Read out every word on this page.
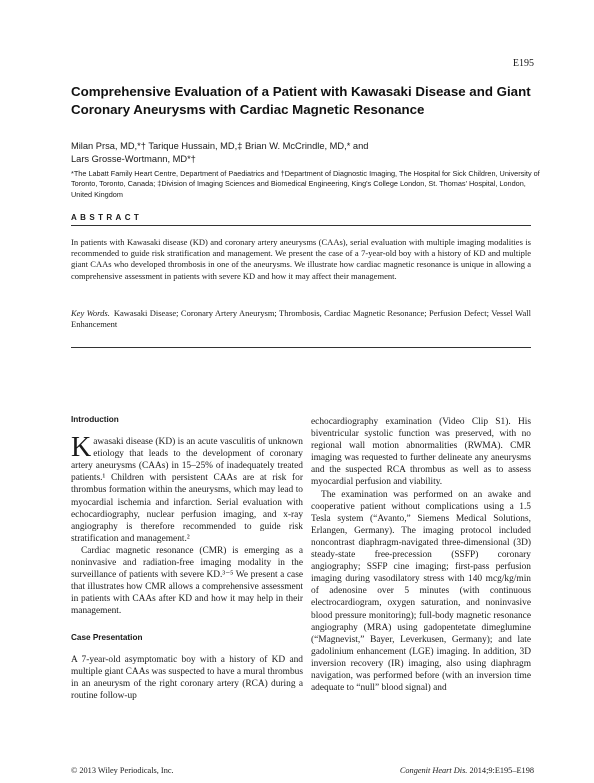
E195
Comprehensive Evaluation of a Patient with Kawasaki Disease and Giant Coronary Aneurysms with Cardiac Magnetic Resonance
Milan Prsa, MD,*† Tarique Hussain, MD,‡ Brian W. McCrindle, MD,* and
Lars Grosse-Wortmann, MD*†
*The Labatt Family Heart Centre, Department of Paediatrics and †Department of Diagnostic Imaging, The Hospital for Sick Children, University of Toronto, Toronto, Canada; ‡Division of Imaging Sciences and Biomedical Engineering, King's College London, St. Thomas' Hospital, London, United Kingdom
ABSTRACT

In patients with Kawasaki disease (KD) and coronary artery aneurysms (CAAs), serial evaluation with multiple imaging modalities is recommended to guide risk stratification and management. We present the case of a 7-year-old boy with a history of KD and multiple giant CAAs who developed thrombosis in one of the aneurysms. We illustrate how cardiac magnetic resonance is unique in allowing a comprehensive assessment in patients with severe KD and how it may affect their management.

Key Words. Kawasaki Disease; Coronary Artery Aneurysm; Thrombosis, Cardiac Magnetic Resonance; Perfusion Defect; Vessel Wall Enhancement

Introduction

Kawasaki disease (KD) is an acute vasculitis of unknown etiology that leads to the development of coronary artery aneurysms (CAAs) in 15–25% of inadequately treated patients.¹ Children with persistent CAAs are at risk for thrombus formation within the aneurysms, which may lead to myocardial ischemia and infarction. Serial evaluation with echocardiography, nuclear perfusion imaging, and x-ray angiography is therefore recommended to guide risk stratification and management.²

Cardiac magnetic resonance (CMR) is emerging as a noninvasive and radiation-free imaging modality in the surveillance of patients with severe KD.³⁻⁵ We present a case that illustrates how CMR allows a comprehensive assessment in patients with CAAs after KD and how it may help in their management.

Case Presentation

A 7-year-old asymptomatic boy with a history of KD and multiple giant CAAs was suspected to have a mural thrombus in an aneurysm of the right coronary artery (RCA) during a routine follow-up

echocardiography examination (Video Clip S1). His biventricular systolic function was preserved, with no regional wall motion abnormalities (RWMA). CMR imaging was requested to further delineate any aneurysms and the suspected RCA thrombus as well as to assess myocardial perfusion and viability.

The examination was performed on an awake and cooperative patient without complications using a 1.5 Tesla system (“Avanto,” Siemens Medical Solutions, Erlangen, Germany). The imaging protocol included noncontrast diaphragm-navigated three-dimensional (3D) steady-state free-precession (SSFP) coronary angiography; SSFP cine imaging; first-pass perfusion imaging during vasodilatory stress with 140 mcg/kg/min of adenosine over 5 minutes (with continuous electrocardiogram, oxygen saturation, and noninvasive blood pressure monitoring); full-body magnetic resonance angiography (MRA) using gadopentetate dimeglumine (“Magnevist,” Bayer, Leverkusen, Germany); and late gadolinium enhancement (LGE) imaging. In addition, 3D inversion recovery (IR) imaging, also using diaphragm navigation, was performed before (with an inversion time adequate to “null” blood signal) and

© 2013 Wiley Periodicals, Inc.	Congenit Heart Dis. 2014;9:E195–E198
